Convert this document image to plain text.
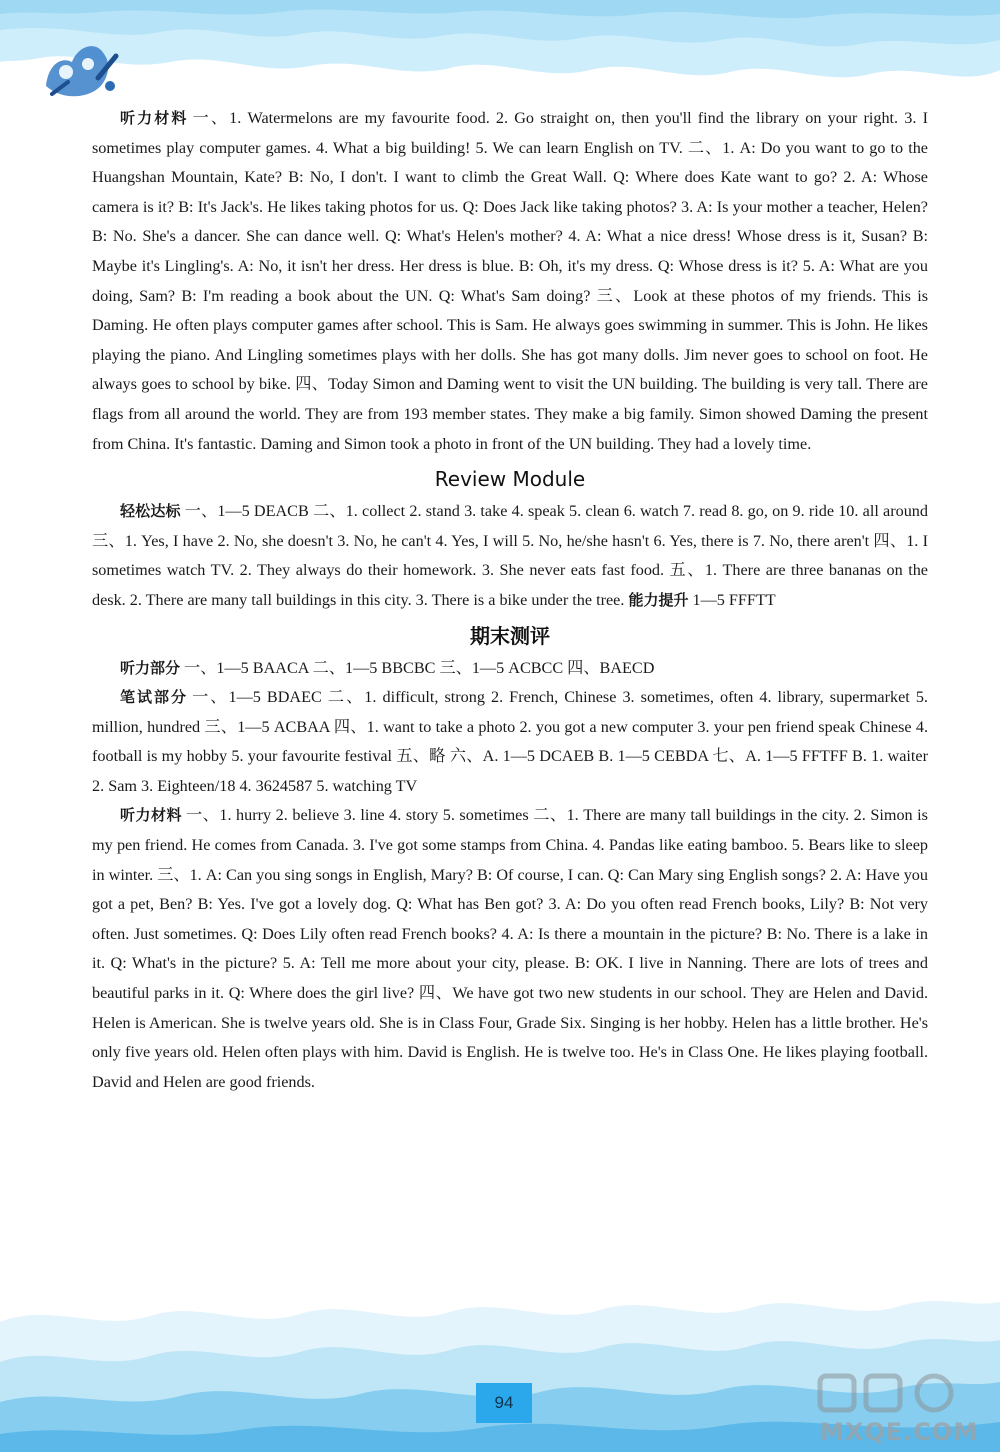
听力材料 一、1. Watermelons are my favourite food. 2. Go straight on, then you'll find the library on your right. 3. I sometimes play computer games. 4. What a big building! 5. We can learn English on TV. 二、1. A: Do you want to go to the Huangshan Mountain, Kate? B: No, I don't. I want to climb the Great Wall. Q: Where does Kate want to go? 2. A: Whose camera is it? B: It's Jack's. He likes taking photos for us. Q: Does Jack like taking photos? 3. A: Is your mother a teacher, Helen? B: No. She's a dancer. She can dance well. Q: What's Helen's mother? 4. A: What a nice dress! Whose dress is it, Susan? B: Maybe it's Lingling's. A: No, it isn't her dress. Her dress is blue. B: Oh, it's my dress. Q: Whose dress is it? 5. A: What are you doing, Sam? B: I'm reading a book about the UN. Q: What's Sam doing? 三、Look at these photos of my friends. This is Daming. He often plays computer games after school. This is Sam. He always goes swimming in summer. This is John. He likes playing the piano. And Lingling sometimes plays with her dolls. She has got many dolls. Jim never goes to school on foot. He always goes to school by bike. 四、Today Simon and Daming went to visit the UN building. The building is very tall. There are flags from all around the world. They are from 193 member states. They make a big family. Simon showed Daming the present from China. It's fantastic. Daming and Simon took a photo in front of the UN building. They had a lovely time.

Review Module

轻松达标 一、1—5 DEACB 二、1. collect 2. stand 3. take 4. speak 5. clean 6. watch 7. read 8. go, on 9. ride 10. all around 三、1. Yes, I have 2. No, she doesn't 3. No, he can't 4. Yes, I will 5. No, he/she hasn't 6. Yes, there is 7. No, there aren't 四、1. I sometimes watch TV. 2. They always do their homework. 3. She never eats fast food. 五、1. There are three bananas on the desk. 2. There are many tall buildings in this city. 3. There is a bike under the tree. 能力提升 1—5 FFFTT

期末测评

听力部分 一、1—5 BAACA 二、1—5 BBCBC 三、1—5 ACBCC 四、BAECD

笔试部分 一、1—5 BDAEC 二、1. difficult, strong 2. French, Chinese 3. sometimes, often 4. library, supermarket 5. million, hundred 三、1—5 ACBAA 四、1. want to take a photo 2. you got a new computer 3. your pen friend speak Chinese 4. football is my hobby 5. your favourite festival 五、略 六、A. 1—5 DCAEB B. 1—5 CEBDA 七、A. 1—5 FFTFF B. 1. waiter 2. Sam 3. Eighteen/18 4. 3624587 5. watching TV

听力材料 一、1. hurry 2. believe 3. line 4. story 5. sometimes 二、1. There are many tall buildings in the city. 2. Simon is my pen friend. He comes from Canada. 3. I've got some stamps from China. 4. Pandas like eating bamboo. 5. Bears like to sleep in winter. 三、1. A: Can you sing songs in English, Mary? B: Of course, I can. Q: Can Mary sing English songs? 2. A: Have you got a pet, Ben? B: Yes. I've got a lovely dog. Q: What has Ben got? 3. A: Do you often read French books, Lily? B: Not very often. Just sometimes. Q: Does Lily often read French books? 4. A: Is there a mountain in the picture? B: No. There is a lake in it. Q: What's in the picture? 5. A: Tell me more about your city, please. B: OK. I live in Nanning. There are lots of trees and beautiful parks in it. Q: Where does the girl live? 四、We have got two new students in our school. They are Helen and David. Helen is American. She is twelve years old. She is in Class Four, Grade Six. Singing is her hobby. Helen has a little brother. He's only five years old. Helen often plays with him. David is English. He is twelve too. He's in Class One. He likes playing football. David and Helen are good friends.

94
MXQE.COM
